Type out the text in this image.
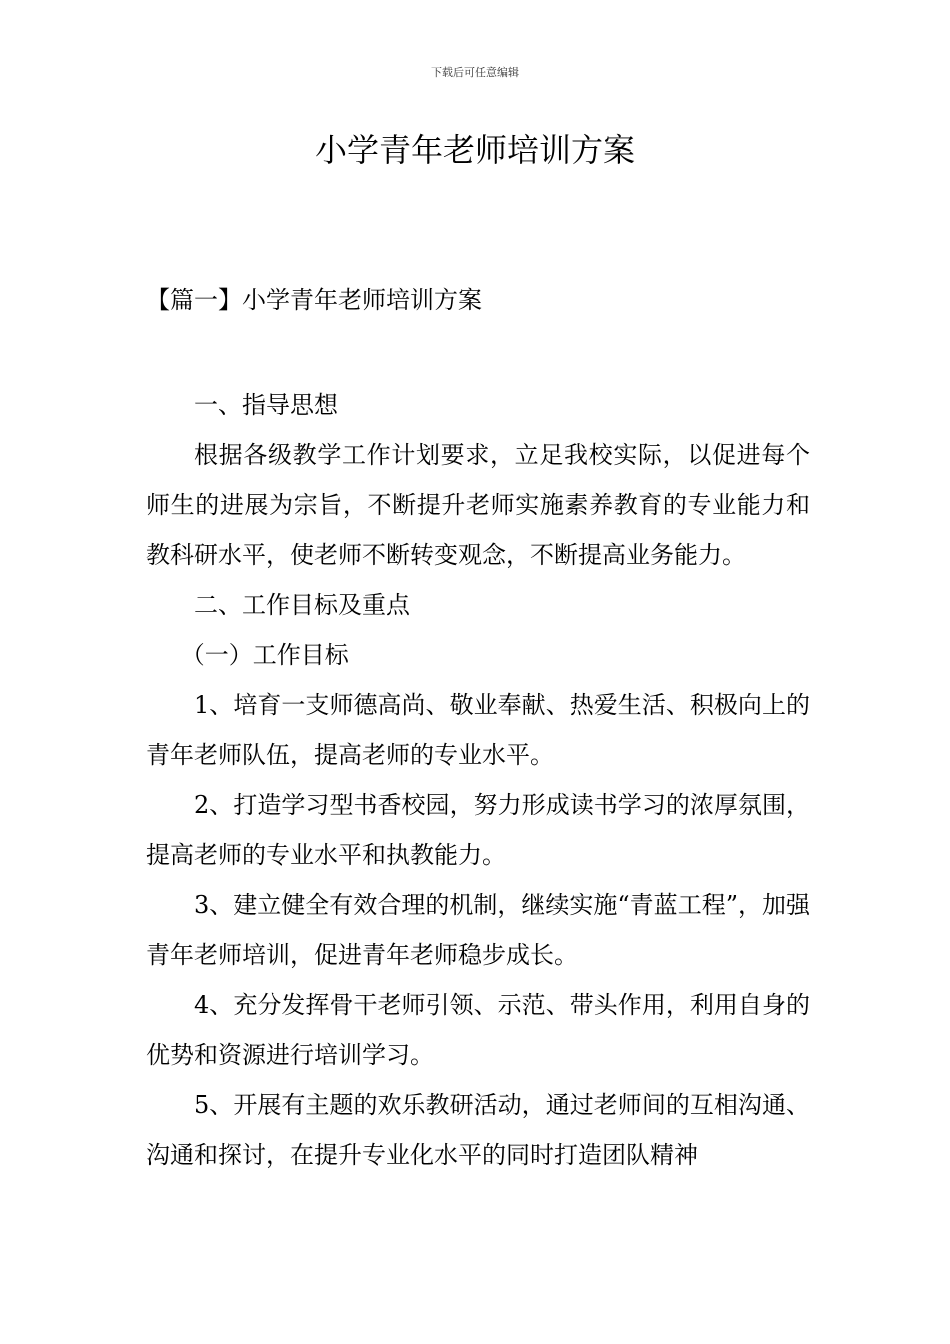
下载后可任意编辑
小学青年老师培训方案
【篇一】小学青年老师培训方案

一、指导思想

根据各级教学工作计划要求，立足我校实际，以促进每个师生的进展为宗旨，不断提升老师实施素养教育的专业能力和教科研水平，使老师不断转变观念，不断提高业务能力。

二、工作目标及重点

（一）工作目标

1、培育一支师德高尚、敬业奉献、热爱生活、积极向上的青年老师队伍，提高老师的专业水平。

2、打造学习型书香校园，努力形成读书学习的浓厚氛围，提高老师的专业水平和执教能力。

3、建立健全有效合理的机制，继续实施“青蓝工程”，加强青年老师培训，促进青年老师稳步成长。

4、充分发挥骨干老师引领、示范、带头作用，利用自身的优势和资源进行培训学习。

5、开展有主题的欢乐教研活动，通过老师间的互相沟通、沟通和探讨，在提升专业化水平的同时打造团队精神
